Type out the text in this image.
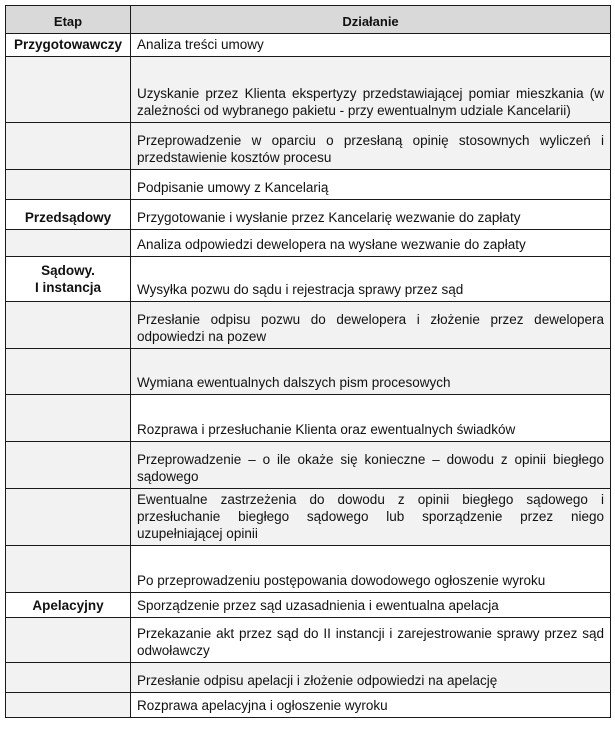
Etap	Działanie
Przygotowawczy	Analiza treści umowy
	Uzyskanie przez Klienta ekspertyzy przedstawiającej pomiar mieszkania (w zależności od wybranego pakietu - przy ewentualnym udziale Kancelarii)
	Przeprowadzenie w oparciu o przesłaną opinię stosownych wyliczeń i przedstawienie kosztów procesu
	Podpisanie umowy z Kancelarią
Przedsądowy	Przygotowanie i wysłanie przez Kancelarię wezwanie do zapłaty
	Analiza odpowiedzi dewelopera na wysłane wezwanie do zapłaty
Sądowy.
I instancja	Wysyłka pozwu do sądu i rejestracja sprawy przez sąd
	Przesłanie odpisu pozwu do dewelopera i złożenie przez dewelopera odpowiedzi na pozew
	Wymiana ewentualnych dalszych pism procesowych
	Rozprawa i przesłuchanie Klienta oraz ewentualnych świadków
	Przeprowadzenie – o ile okaże się konieczne – dowodu z opinii biegłego sądowego
	Ewentualne zastrzeżenia do dowodu z opinii biegłego sądowego i przesłuchanie biegłego sądowego lub sporządzenie przez niego uzupełniającej opinii
	Po przeprowadzeniu postępowania dowodowego ogłoszenie wyroku
Apelacyjny	Sporządzenie przez sąd uzasadnienia i ewentualna apelacja
	Przekazanie akt przez sąd do II instancji i zarejestrowanie sprawy przez sąd odwoławczy
	Przesłanie odpisu apelacji i złożenie odpowiedzi na apelację
	Rozprawa apelacyjna i ogłoszenie wyroku
